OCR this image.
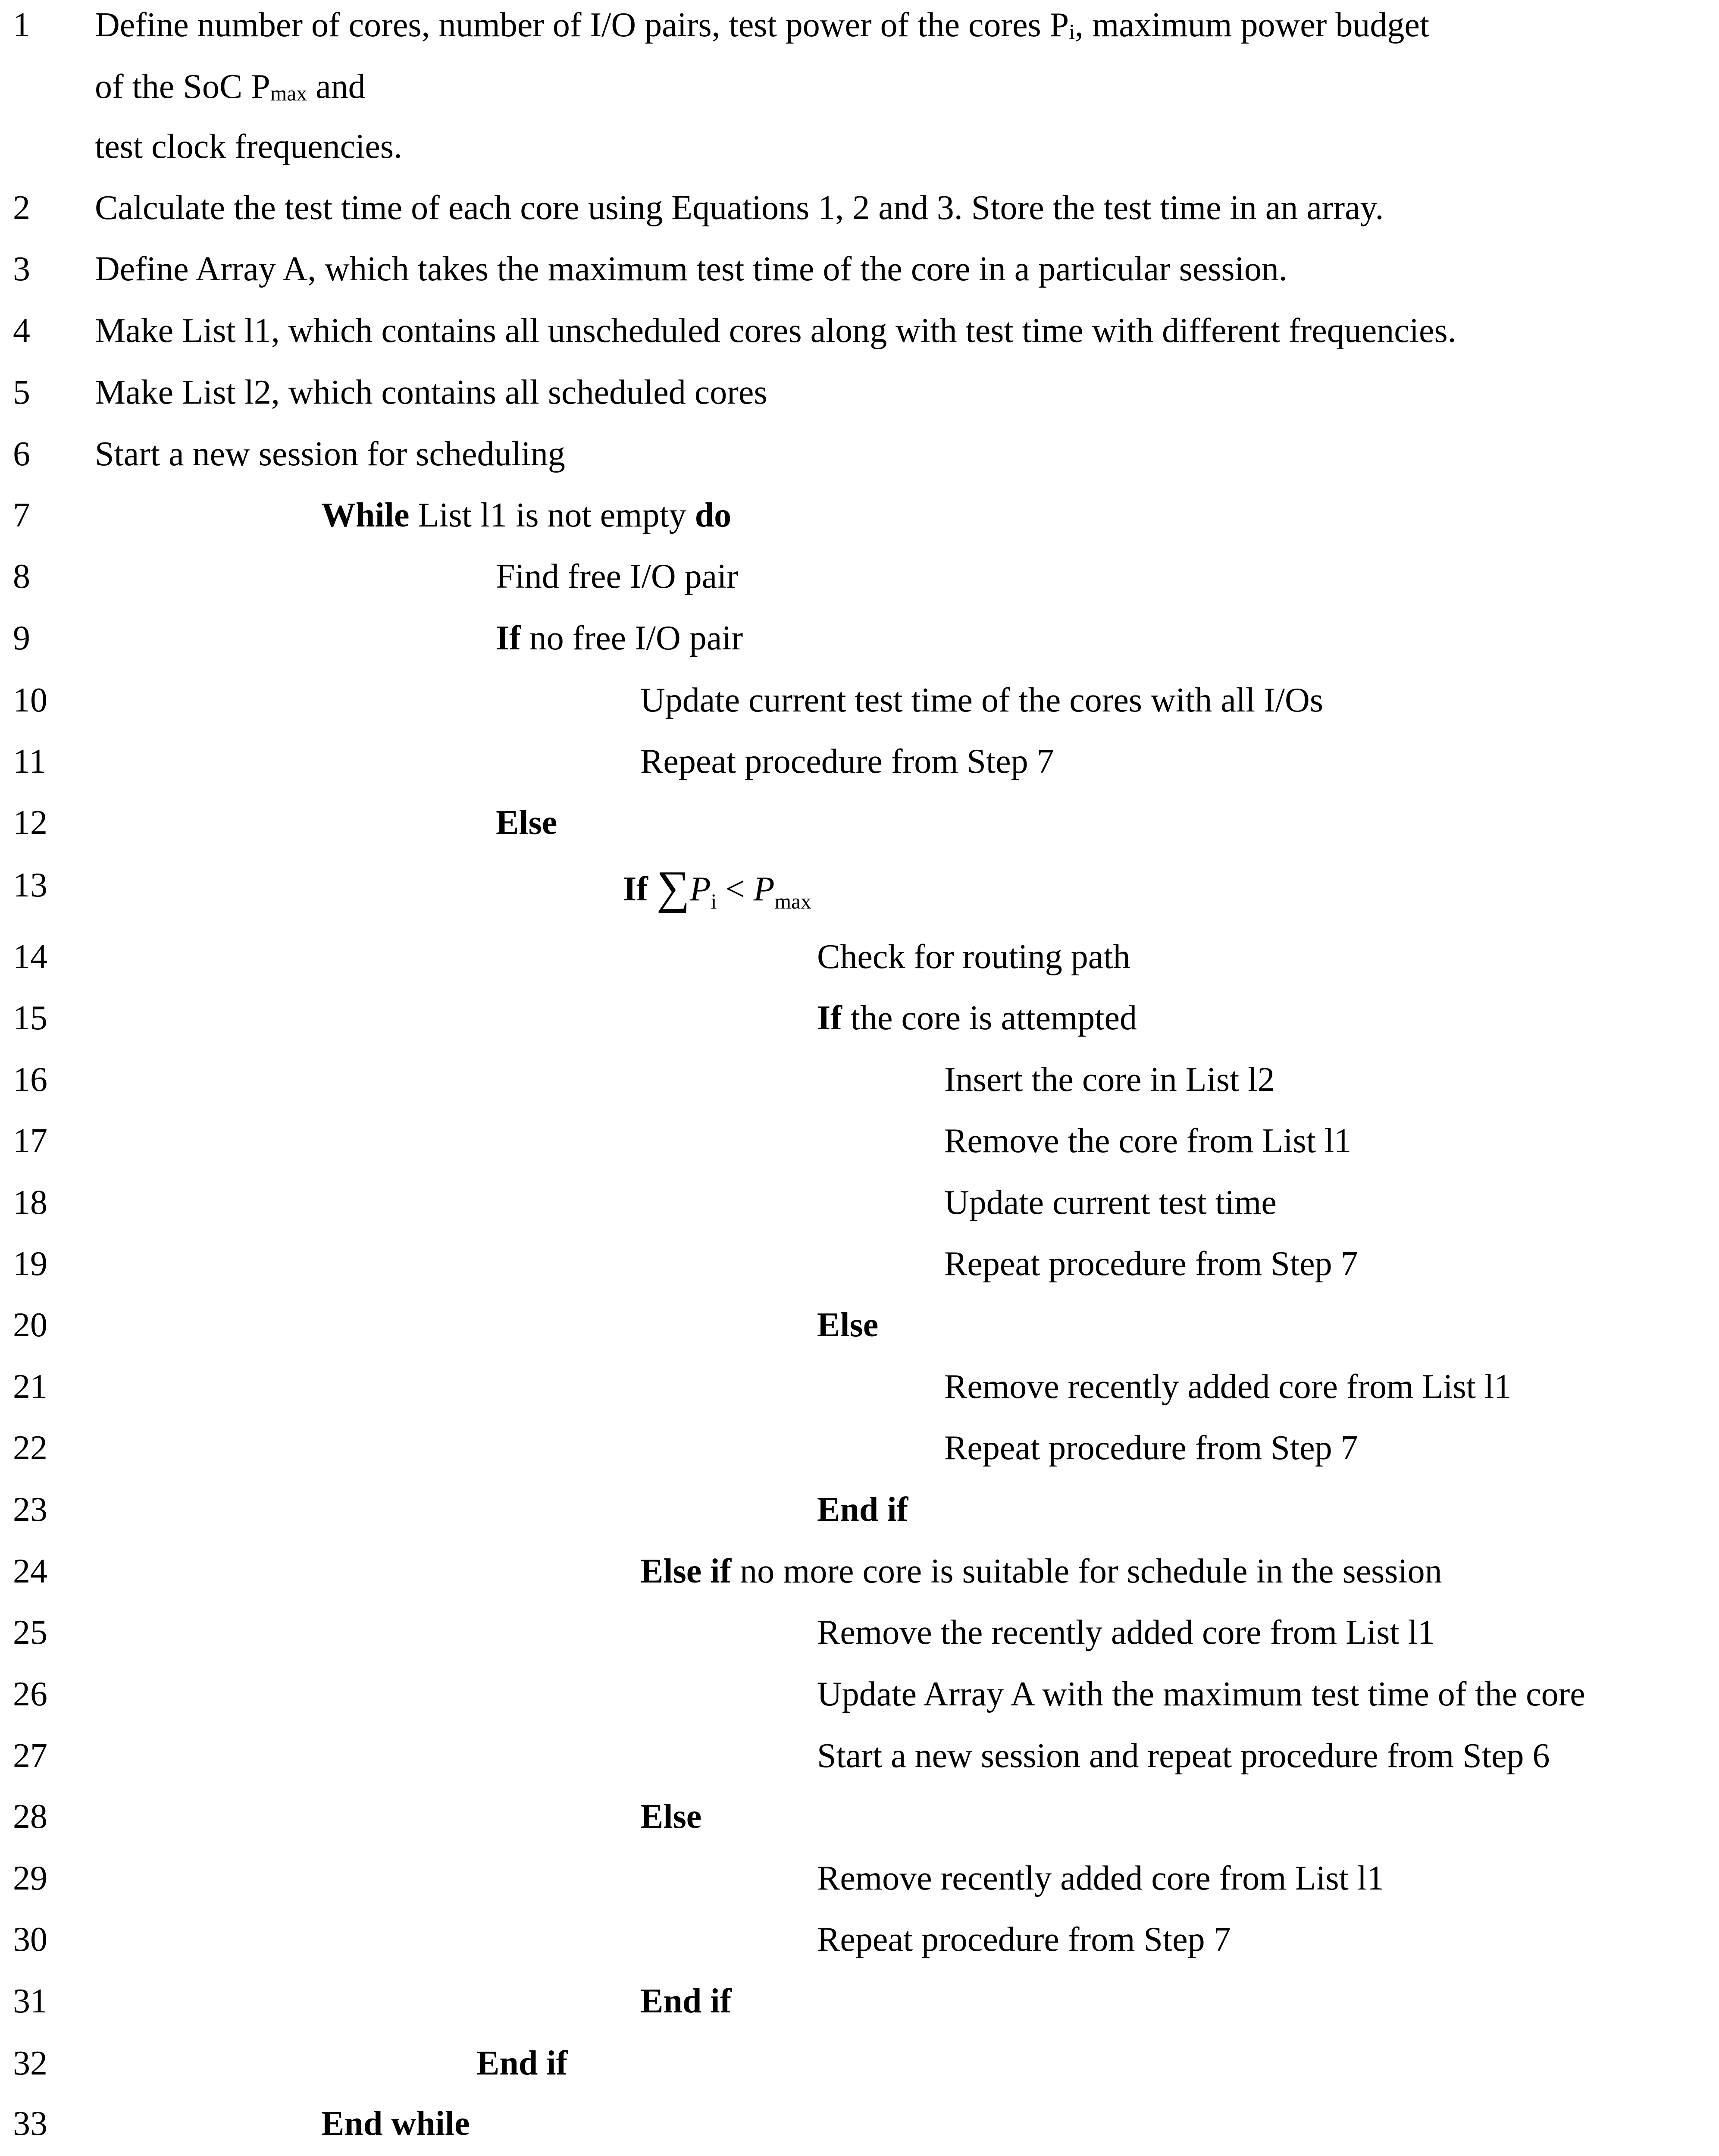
1 Define number of cores, number of I/O pairs, test power of the cores $P_i$, maximum power budget
of the SoC $P_{max}$ and
test clock frequencies.
2 Calculate the test time of each core using Equations 1, 2 and 3. Store the test time in an array.
3 Define Array A, which takes the maximum test time of the core in a particular session.
4 Make List l1, which contains all unscheduled cores along with test time with different frequencies.
5 Make List l2, which contains all scheduled cores
6 Start a new session for scheduling
7	While List l1 is not empty do
8	Find free I/O pair
9	If no free I/O pair
10	Update current test time of the cores with all I/Os
11	Repeat procedure from Step 7
12	Else
13	If $\sum P_i < P_{max}$
14	Check for routing path
15	If the core is attempted
16	Insert the core in List l2
17	Remove the core from List l1
18	Update current test time
19	Repeat procedure from Step 7
20	Else
21	Remove recently added core from List l1
22	Repeat procedure from Step 7
23	End if
24	Else if no more core is suitable for schedule in the session
25	Remove the recently added core from List l1
26	Update Array A with the maximum test time of the core
27	Start a new session and repeat procedure from Step 6
28	Else
29	Remove recently added core from List l1
30	Repeat procedure from Step 7
31	End if
32	End if
33	End while
